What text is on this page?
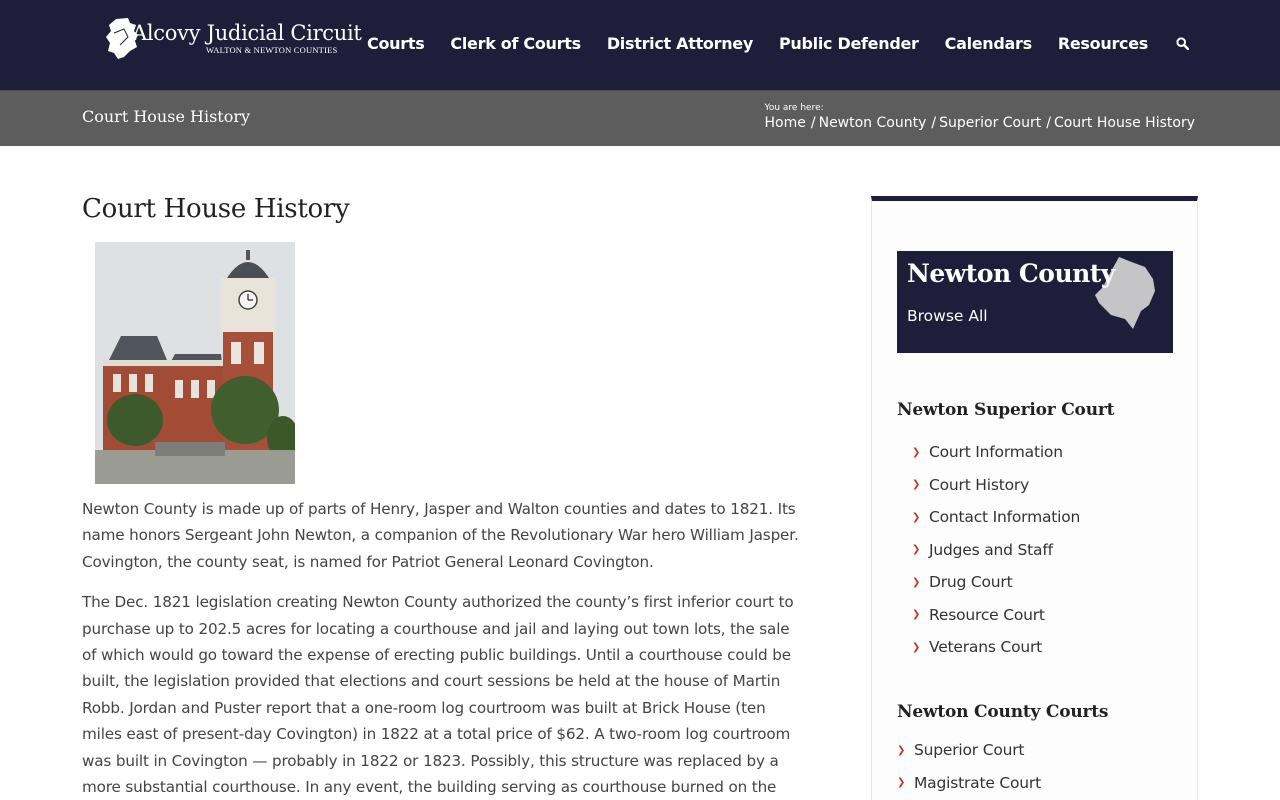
Alcovy Judicial Circuit
WALTON & NEWTON COUNTIES Courts Clerk of Courts District Attorney Public Defender Calendars Resources
Court House History	You are here:
Home / Newton County / Superior Court / Court House History
Court House History

Newton County is made up of parts of Henry, Jasper and Walton counties and dates to 1821. Its name honors Sergeant John Newton, a companion of the Revolutionary War hero William Jasper. Covington, the county seat, is named for Patriot General Leonard Covington.

The Dec. 1821 legislation creating Newton County authorized the county’s first inferior court to purchase up to 202.5 acres for locating a courthouse and jail and laying out town lots, the sale of which would go toward the expense of erecting public buildings. Until a courthouse could be built, the legislation provided that elections and court sessions be held at the house of Martin Robb. Jordan and Puster report that a one-room log courtroom was built at Brick House (ten miles east of present-day Covington) in 1822 at a total price of $62. A two-room log courtroom was built in Covington — probably in 1822 or 1823. Possibly, this structure was replaced by a more substantial courthouse. In any event, the building serving as courthouse burned on the

Newton County
Browse All
Newton Superior Court
❯ Court Information
❯ Court History
❯ Contact Information
❯ Judges and Staff
❯ Drug Court
❯ Resource Court
❯ Veterans Court
Newton County Courts
❯ Superior Court
❯ Magistrate Court
